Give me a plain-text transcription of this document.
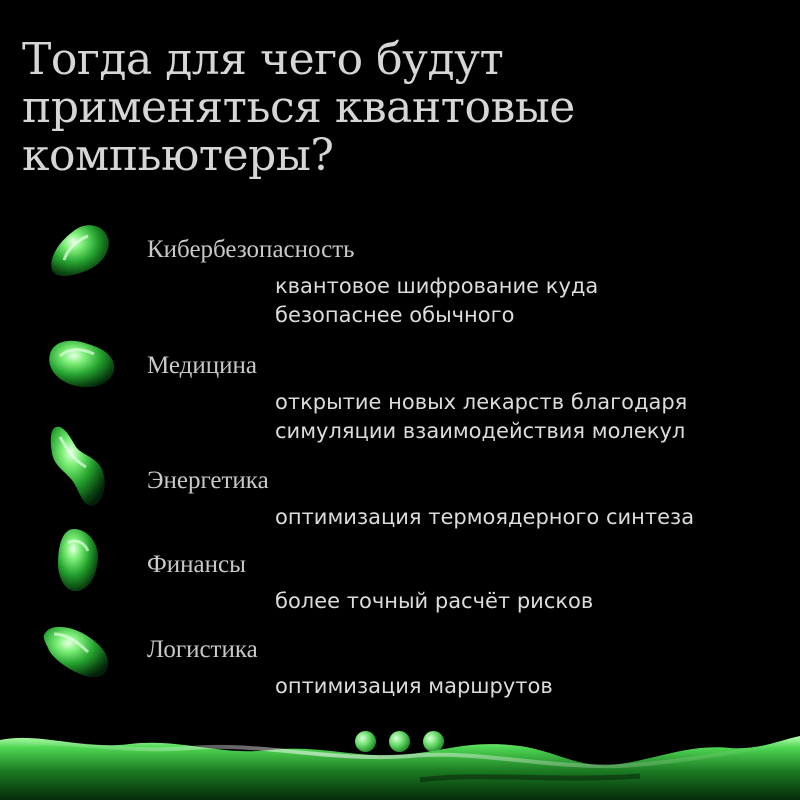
Тогда для чего будут
применяться квантовые
компьютеры?

Кибербезопасность

квантовое шифрование куда
безопаснее обычного

Медицина

открытие новых лекарств благодаря
симуляции взаимодействия молекул

Энергетика

оптимизация термоядерного синтеза

Финансы

более точный расчёт рисков

Логистика

оптимизация маршрутов
